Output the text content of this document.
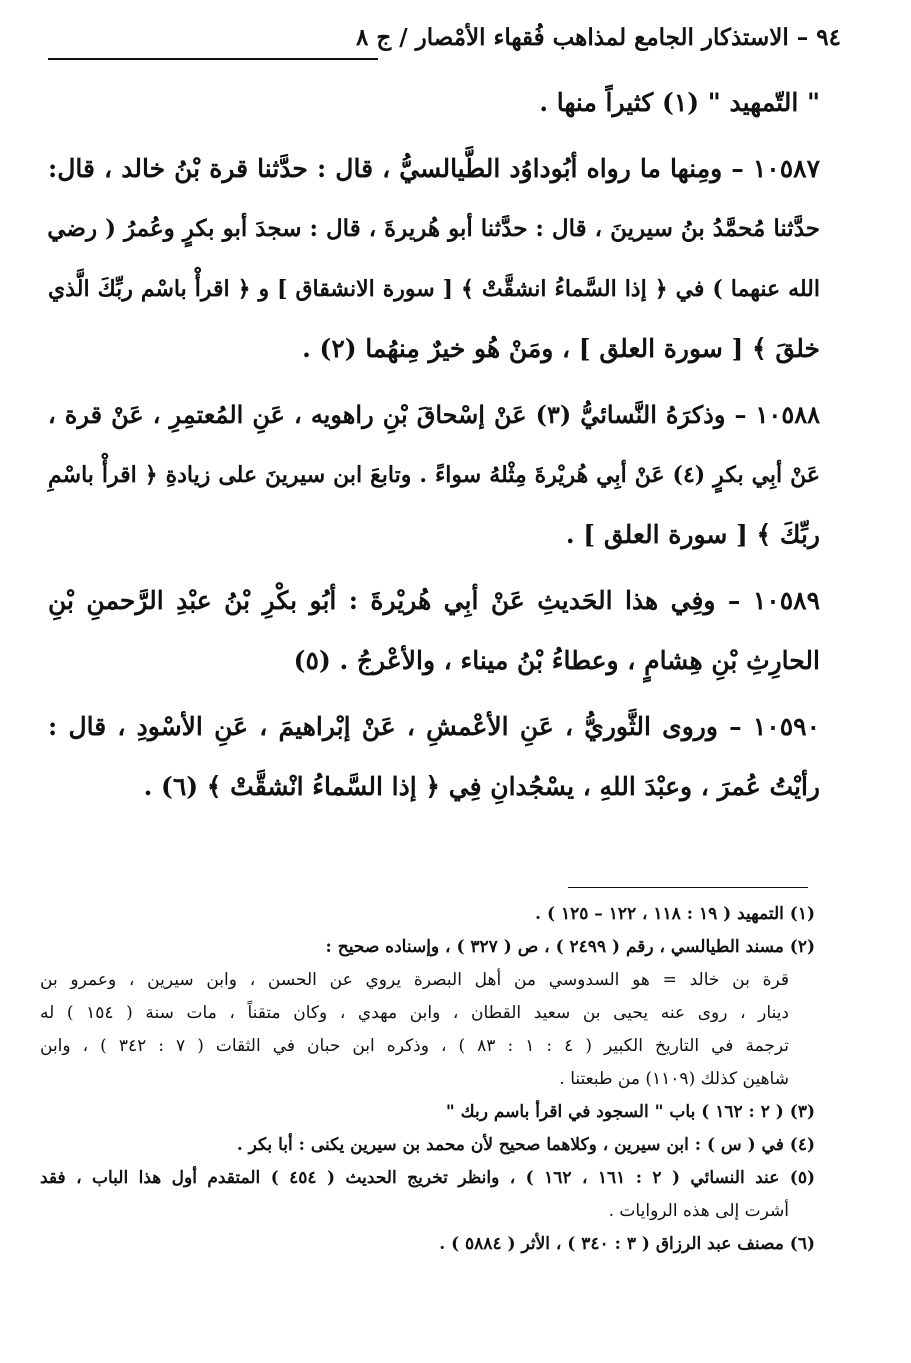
٩٤ – الاستذكار الجامع لمذاهب فُقهاء الأمْصار / ج ٨
" التّمهيد " (١) كثيراً منها .
١٠٥٨٧ – ومِنها ما رواه أبُوداوُد الطَّيالسيُّ ، قال : حدَّثنا قرة بْنُ خالد ، قال:
حدَّثنا مُحمَّدُ بنُ سيرينَ ، قال : حدَّثنا أبو هُريرةَ ، قال : سجدَ أبو بكرٍ وعُمرُ ( رضي
الله عنهما ) في ﴿ إذا السَّماءُ انشقَّتْ ﴾ [ سورة الانشقاق ] و ﴿ اقرأْ باسْم ربِّكَ الَّذي
خلقَ ﴾ [ سورة العلق ] ، ومَنْ هُو خيرٌ مِنهُما (٢) .
١٠٥٨٨ – وذكرَهُ النَّسائيُّ (٣) عَنْ إسْحاقَ بْنِ راهويه ، عَنِ المُعتمِرِ ، عَنْ قرة ،
عَنْ أبِي بكرٍ (٤) عَنْ أبِي هُريْرةَ مِثْلهُ سواءً . وتابعَ ابن سيرينَ على زيادةِ ﴿ اقرأْ باسْمِ
ربِّكَ ﴾ [ سورة العلق ] .
١٠٥٨٩ – وفِي هذا الحَديثِ عَنْ أبِي هُريْرةَ : أبُو بكْرِ بْنُ عبْدِ الرَّحمنِ بْنِ
الحارِثِ بْنِ هِشامٍ ، وعطاءُ بْنُ ميناء ، والأعْرجُ . (٥)
١٠٥٩٠ – وروى الثَّوريُّ ، عَنِ الأعْمشِ ، عَنْ إبْراهيمَ ، عَنِ الأسْودِ ، قال :
رأيْتُ عُمرَ ، وعبْدَ اللهِ ، يسْجُدانِ فِي ﴿ إذا السَّماءُ انْشقَّتْ ﴾ (٦) .
(١) التمهيد ( ١٩ : ١١٨ ، ١٢٢ – ١٢٥ ) .
(٢) مسند الطيالسي ، رقم ( ٢٤٩٩ ) ، ص ( ٣٢٧ ) ، وإسناده صحيح :
قرة بن خالد = هو السدوسي من أهل البصرة يروي عن الحسن ، وابن سيرين ، وعمرو بن
دينار ، روى عنه يحيى بن سعيد القطان ، وابن مهدي ، وكان متقناً ، مات سنة ( ١٥٤ ) له
ترجمة في التاريخ الكبير ( ٤ : ١ : ٨٣ ) ، وذكره ابن حبان في الثقات ( ٧ : ٣٤٢ ) ، وابن
شاهين كذلك (١١٠٩) من طبعتنا .
(٣) ( ٢ : ١٦٢ ) باب " السجود في اقرأ باسم ربك "
(٤) في ( س ) : ابن سيرين ، وكلاهما صحيح لأن محمد بن سيرين يكنى : أبا بكر .
(٥) عند النسائي ( ٢ : ١٦١ ، ١٦٢ ) ، وانظر تخريج الحديث ( ٤٥٤ ) المتقدم أول هذا الباب ، فقد
أشرت إلى هذه الروايات .
(٦) مصنف عبد الرزاق ( ٣ : ٣٤٠ ) ، الأثر ( ٥٨٨٤ ) .
